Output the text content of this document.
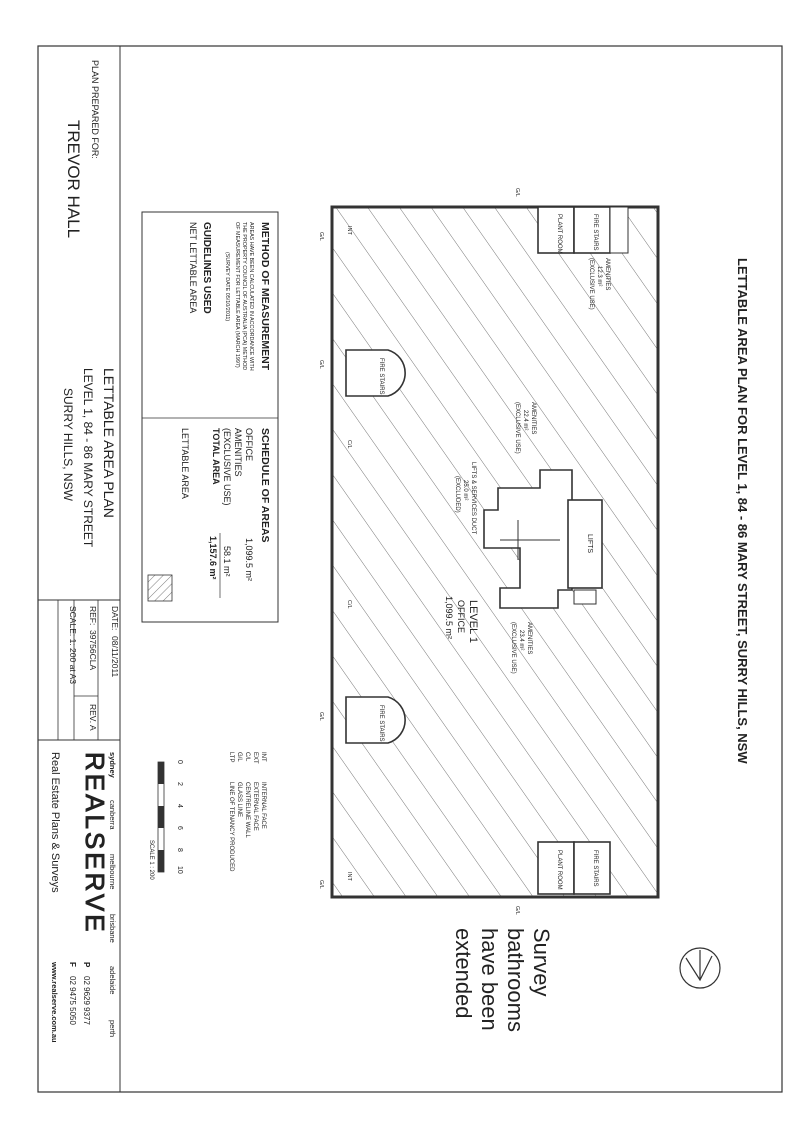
PLAN PREPARED FOR:
TREVOR HALL
METHOD OF MEASUREMENT
AREAS HAVE BEEN CALCULATED IN ACCORDANCE WITH
THE PROPERTY COUNCIL OF AUSTRALIA (PCA) METHOD
OF MEASUREMENT FOR LETTABLE AREA (MARCH 1997)
(SURVEY DATE 05/10/2011)
GUIDELINES USED
NET LETTABLE AREA
SCHEDULE OF AREAS
OFFICE
1,099.5 m²
AMENITIES
(EXCLUSIVE USE)
58.1 m²
TOTAL AREA
1,157.6 m²
LETTABLE AREA
LETTABLE AREA PLAN
LEVEL 1, 84 - 86 MARY STREET
SURRY HILLS, NSW
DATE:
08/11/2011
REF:
39756CLA
REV. A
SCALE: 1: 200 at A3
sydney
canberra
melbourne
brisbane
adelaide
perth
REALSERVE
Real Estate Plans & Surveys
P
02 9629 9377
F
02 9475 5050
www.realserve.com.au
INT
INTERNAL FACE
EXT
EXTERNAL FACE
C/L
CENTRELINE WALL
G/L
GLASS LINE
LTP
LINE OF TENANCY PRODUCED
0
2
4
6
8
10
SCALE 1 : 200
LETTABLE AREA PLAN FOR LEVEL 1, 84 - 86 MARY STREET, SURRY HILLS, NSW
FIRE STAIRS
PLANT ROOM
FIRE STAIRS
PLANT ROOM
FIRE STAIRS
FIRE STAIRS
LIFTS
LIFTS & SERVICES DUCT
25.0 m²
(EXCLUDED)
LEVEL 1
OFFICE
1,099.5 m²
AMENITIES
12.3 m²
(EXCLUSIVE USE)
AMENITIES
22.4 m²
(EXCLUSIVE USE)
AMENITIES
23.4 m²
(EXCLUSIVE USE)
G/L
G/L
G/L
G/L
G/L
G/L
INT
INT
C/L
C/L
Survey
bathrooms
have been
extended
